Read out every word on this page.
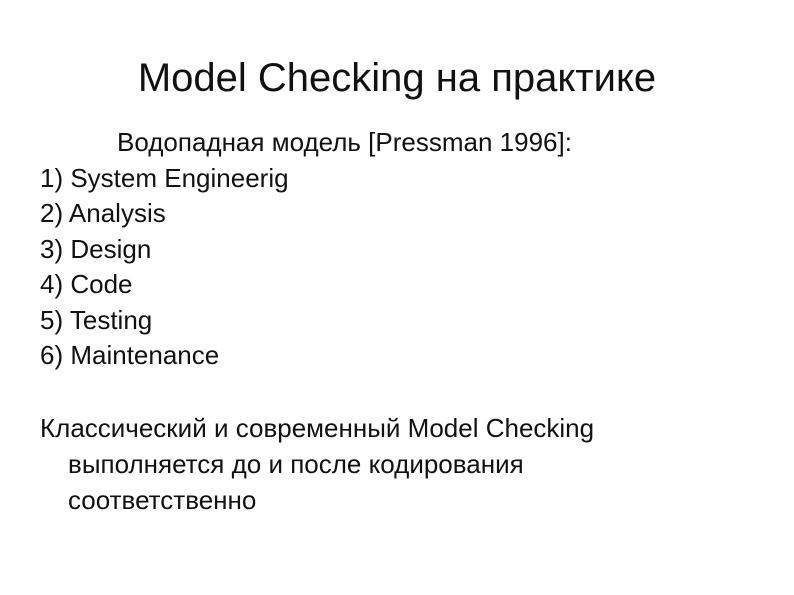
Model Checking на практике
Водопадная модель [Pressman 1996]:
1) System Engineerig
2) Analysis
3) Design
4) Code
5) Testing
6) Maintenance
Классический и современный Model Checking
выполняется до и после кодирования
соответственно
